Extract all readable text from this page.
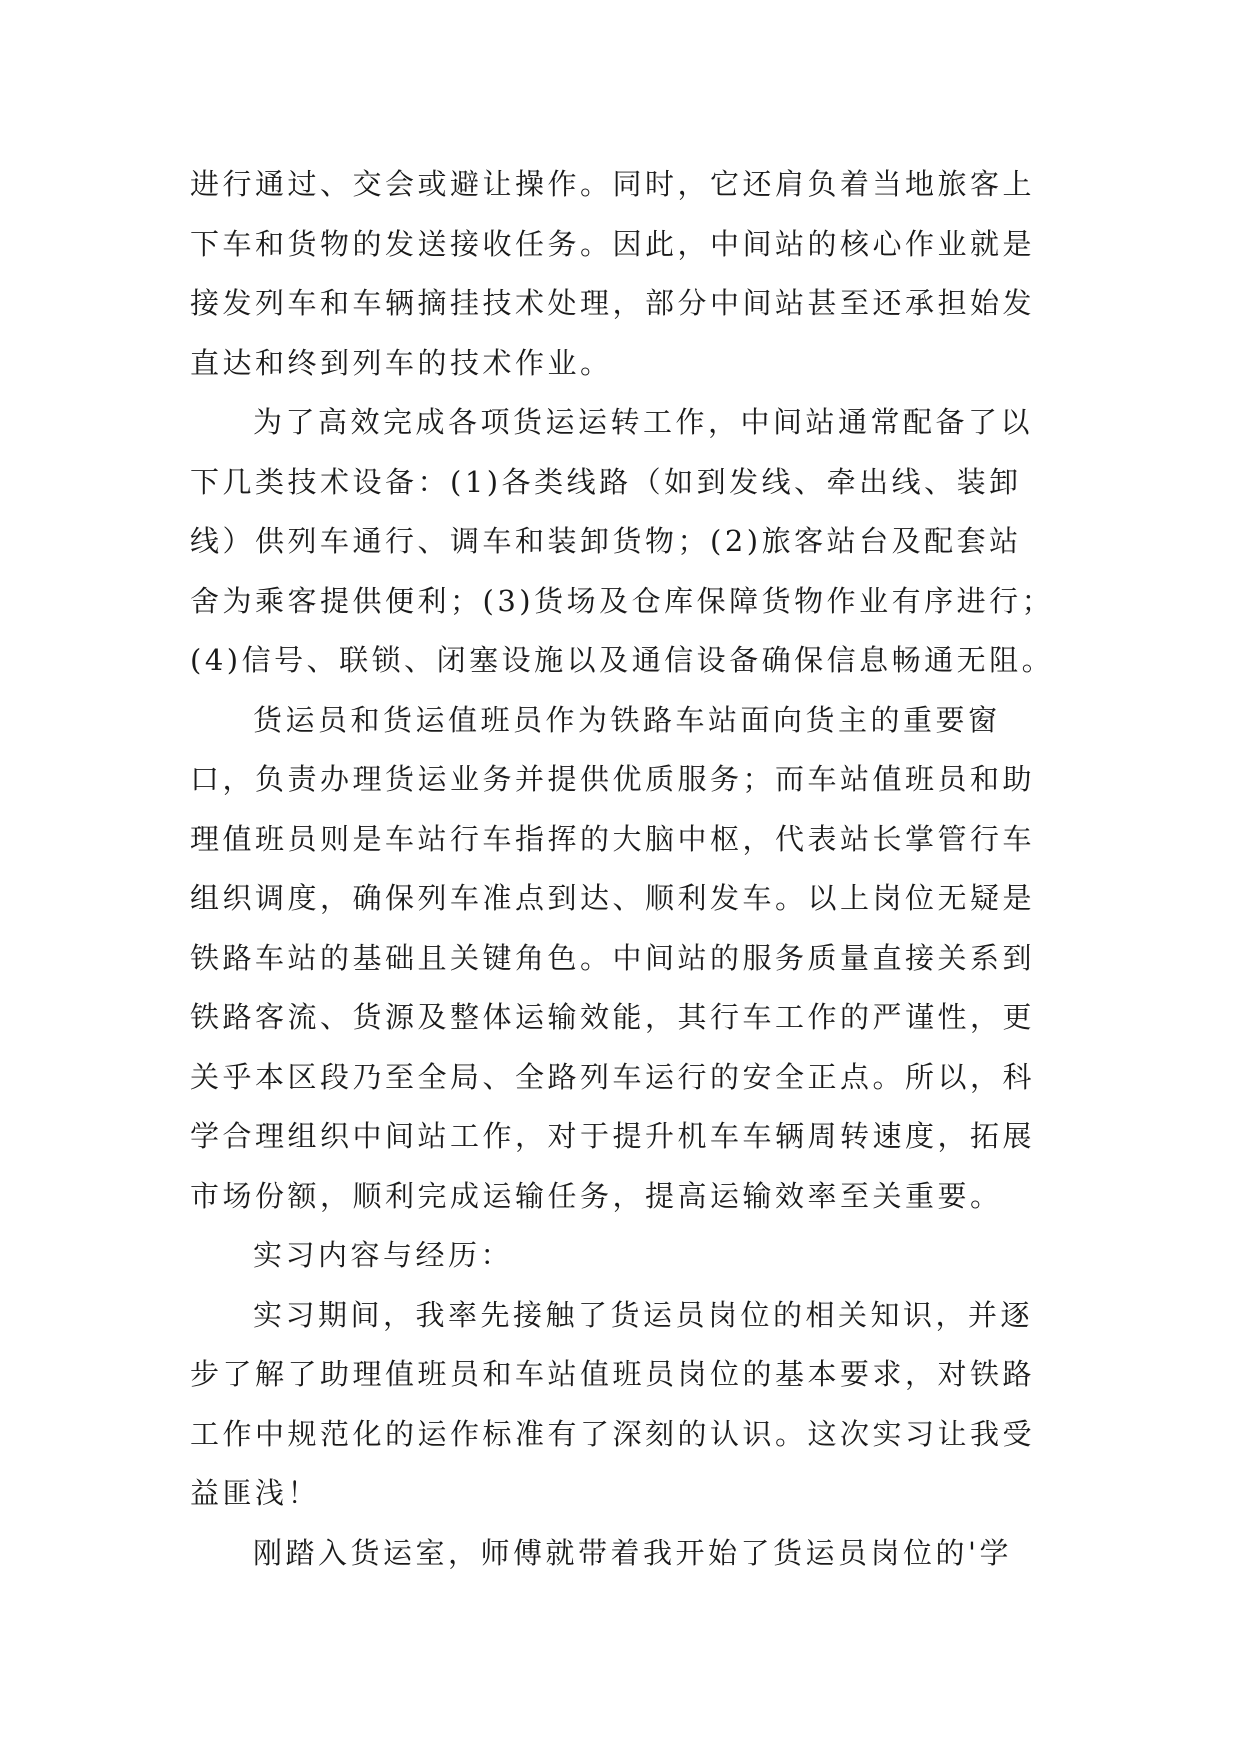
进行通过、交会或避让操作。同时，它还肩负着当地旅客上
下车和货物的发送接收任务。因此，中间站的核心作业就是
接发列车和车辆摘挂技术处理，部分中间站甚至还承担始发
直达和终到列车的技术作业。
为了高效完成各项货运运转工作，中间站通常配备了以
下几类技术设备：(1)各类线路（如到发线、牵出线、装卸
线）供列车通行、调车和装卸货物；(2)旅客站台及配套站
舍为乘客提供便利；(3)货场及仓库保障货物作业有序进行；
(4)信号、联锁、闭塞设施以及通信设备确保信息畅通无阻。
货运员和货运值班员作为铁路车站面向货主的重要窗
口，负责办理货运业务并提供优质服务；而车站值班员和助
理值班员则是车站行车指挥的大脑中枢，代表站长掌管行车
组织调度，确保列车准点到达、顺利发车。以上岗位无疑是
铁路车站的基础且关键角色。中间站的服务质量直接关系到
铁路客流、货源及整体运输效能，其行车工作的严谨性，更
关乎本区段乃至全局、全路列车运行的安全正点。所以，科
学合理组织中间站工作，对于提升机车车辆周转速度，拓展
市场份额，顺利完成运输任务，提高运输效率至关重要。
实习内容与经历：
实习期间，我率先接触了货运员岗位的相关知识，并逐
步了解了助理值班员和车站值班员岗位的基本要求，对铁路
工作中规范化的运作标准有了深刻的认识。这次实习让我受
益匪浅！
刚踏入货运室，师傅就带着我开始了货运员岗位的'学
